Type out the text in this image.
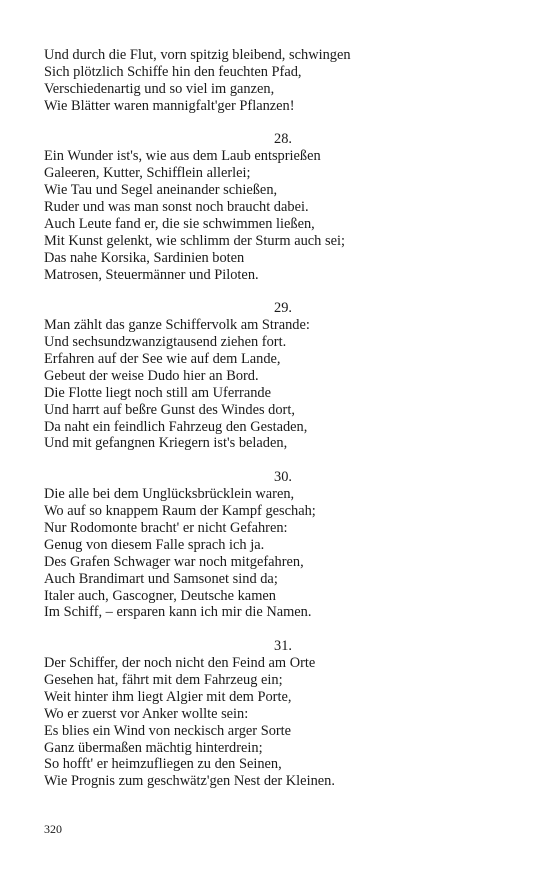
Und durch die Flut, vorn spitzig bleibend, schwingen
Sich plötzlich Schiffe hin den feuchten Pfad,
Verschiedenartig und so viel im ganzen,
Wie Blätter waren mannigfalt'ger Pflanzen!
28.
Ein Wunder ist's, wie aus dem Laub entsprießen
Galeeren, Kutter, Schifflein allerlei;
Wie Tau und Segel aneinander schießen,
Ruder und was man sonst noch braucht dabei.
Auch Leute fand er, die sie schwimmen ließen,
Mit Kunst gelenkt, wie schlimm der Sturm auch sei;
Das nahe Korsika, Sardinien boten
Matrosen, Steuermänner und Piloten.
29.
Man zählt das ganze Schiffervolk am Strande:
Und sechsundzwanzigtausend ziehen fort.
Erfahren auf der See wie auf dem Lande,
Gebeut der weise Dudo hier an Bord.
Die Flotte liegt noch still am Uferrande
Und harrt auf beßre Gunst des Windes dort,
Da naht ein feindlich Fahrzeug den Gestaden,
Und mit gefangnen Kriegern ist's beladen,
30.
Die alle bei dem Unglücksbrücklein waren,
Wo auf so knappem Raum der Kampf geschah;
Nur Rodomonte bracht' er nicht Gefahren:
Genug von diesem Falle sprach ich ja.
Des Grafen Schwager war noch mitgefahren,
Auch Brandimart und Samsonet sind da;
Italer auch, Gascogner, Deutsche kamen
Im Schiff, – ersparen kann ich mir die Namen.
31.
Der Schiffer, der noch nicht den Feind am Orte
Gesehen hat, fährt mit dem Fahrzeug ein;
Weit hinter ihm liegt Algier mit dem Porte,
Wo er zuerst vor Anker wollte sein:
Es blies ein Wind von neckisch arger Sorte
Ganz übermaßen mächtig hinterdrein;
So hofft' er heimzufliegen zu den Seinen,
Wie Prognis zum geschwätz'gen Nest der Kleinen.
320
